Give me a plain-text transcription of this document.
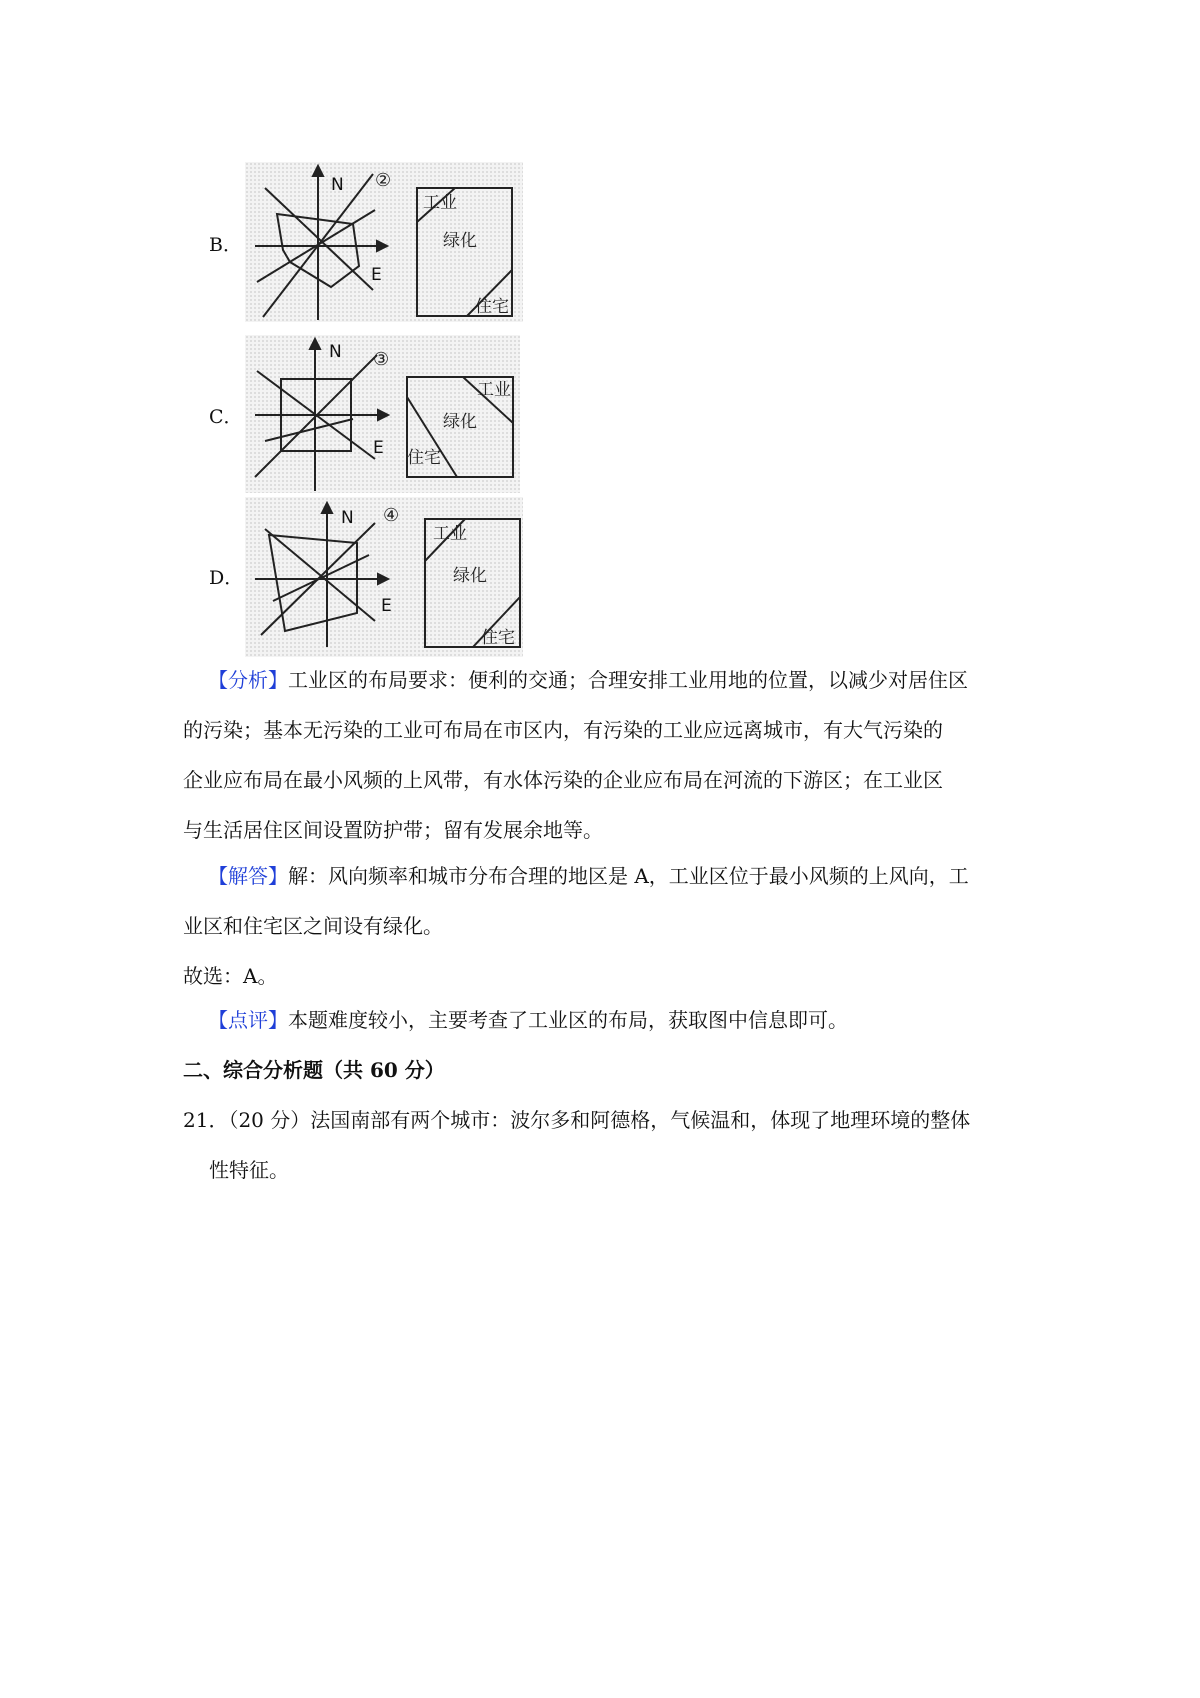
B．
N ②
E
工业
绿化
住宅
C．
N ③
E
工业
绿化
住宅
D．
N ④
E
工业
绿化
住宅
【分析】工业区的布局要求：便利的交通；合理安排工业用地的位置，以减少对居住区
的污染；基本无污染的工业可布局在市区内，有污染的工业应远离城市，有大气污染的
企业应布局在最小风频的上风带，有水体污染的企业应布局在河流的下游区；在工业区
与生活居住区间设置防护带；留有发展余地等。
【解答】解：风向频率和城市分布合理的地区是 A，工业区位于最小风频的上风向，工
业区和住宅区之间设有绿化。
故选：A。
【点评】本题难度较小，主要考查了工业区的布局，获取图中信息即可。
二、综合分析题（共 60 分）
21．（20 分）法国南部有两个城市：波尔多和阿德格，气候温和，体现了地理环境的整体
性特征。
